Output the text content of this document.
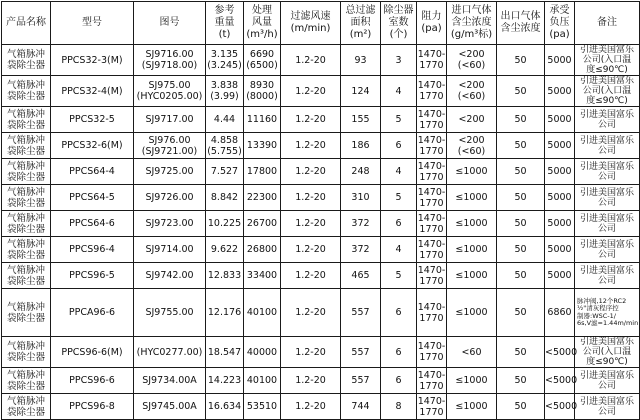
产品名称	型号	图号	参考
重量
(t)	处理
风量
(m³/h)	过滤风速
(m/min)	总过滤
面积
(m²)	除尘器
室数
(个)	阻力
(pa)	进口气体
含尘浓度
(g/m³标)	出口气体
含尘浓度	承受
负压
(pa)	备注

气箱脉冲
袋除尘器	PPCS32-3(M)	SJ9716.00
(SJ9718.00)	3.135
(3.245)	6690
(6500)	1.2-20	93	3	1470-
1770	<200
(<60)	50	5000	引进美国富乐
公司(入口温
度≤90℃)

气箱脉冲
袋除尘器	PPCS32-4(M)	SJ975.00
(HYC0205.00)	3.838
(3.99)	8930
(8000)	1.2-20	124	4	1470-
1770	<200
(<60)	50	5000	引进美国富乐
公司(入口温
度≤90℃)

气箱脉冲
袋除尘器	PPCS32-5	SJ9717.00	4.44	11160	1.2-20	155	5	1470-
1770	<200	50	5000	引进美国富乐
公司

气箱脉冲
袋除尘器	PPCS32-6(M)	SJ976.00
(SJ9721.00)	4.858
(5.755)	13390	1.2-20	186	6	1470-
1770	<200
(<60)	50	5000	引进美国富乐
公司

气箱脉冲
袋除尘器	PPCS64-4	SJ9725.00	7.527	17800	1.2-20	248	4	1470-
1770	≤1000	50	5000	引进美国富乐
公司

气箱脉冲
袋除尘器	PPCS64-5	SJ9726.00	8.842	22300	1.2-20	310	5	1470-
1770	≤1000	50	5000	引进美国富乐
公司

气箱脉冲
袋除尘器	PPCS64-6	SJ9723.00	10.225	26700	1.2-20	372	6	1470-
1770	≤1000	50	5000	引进美国富乐
公司

气箱脉冲
袋除尘器	PPCS96-4	SJ9714.00	9.622	26800	1.2-20	372	4	1470-
1770	≤1000	50	5000	引进美国富乐
公司

气箱脉冲
袋除尘器	PPCS96-5	SJ9742.00	12.833	33400	1.2-20	465	5	1470-
1770	≤1000	50	5000	引进美国富乐
公司

气箱脉冲
袋除尘器	PPCA96-6	SJ9755.00	12.176	40100	1.2-20	557	6	1470-
1770	≤1000	50	6860	脉冲阀,12个RC2
½"清灰程序控
制器:WSC-1/
6s,V滤=1.44m/min

气箱脉冲
袋除尘器	PPCS96-6(M)	(HYC0277.00)	18.547	40000	1.2-20	557	6	1470-
1770	<60	50	<5000	引进美国富乐
公司(入口温
度≤90℃)

气箱脉冲
袋除尘器	PPCS96-6	SJ9734.00A	14.223	40100	1.2-20	557	6	1470-
1770	≤1000	50	<5000	引进美国富乐
公司

气箱脉冲
袋除尘器	PPCS96-8	SJ9745.00A	16.634	53510	1.2-20	744	8	1470-
1770	≤1000	50	<5000	引进美国富乐
公司
